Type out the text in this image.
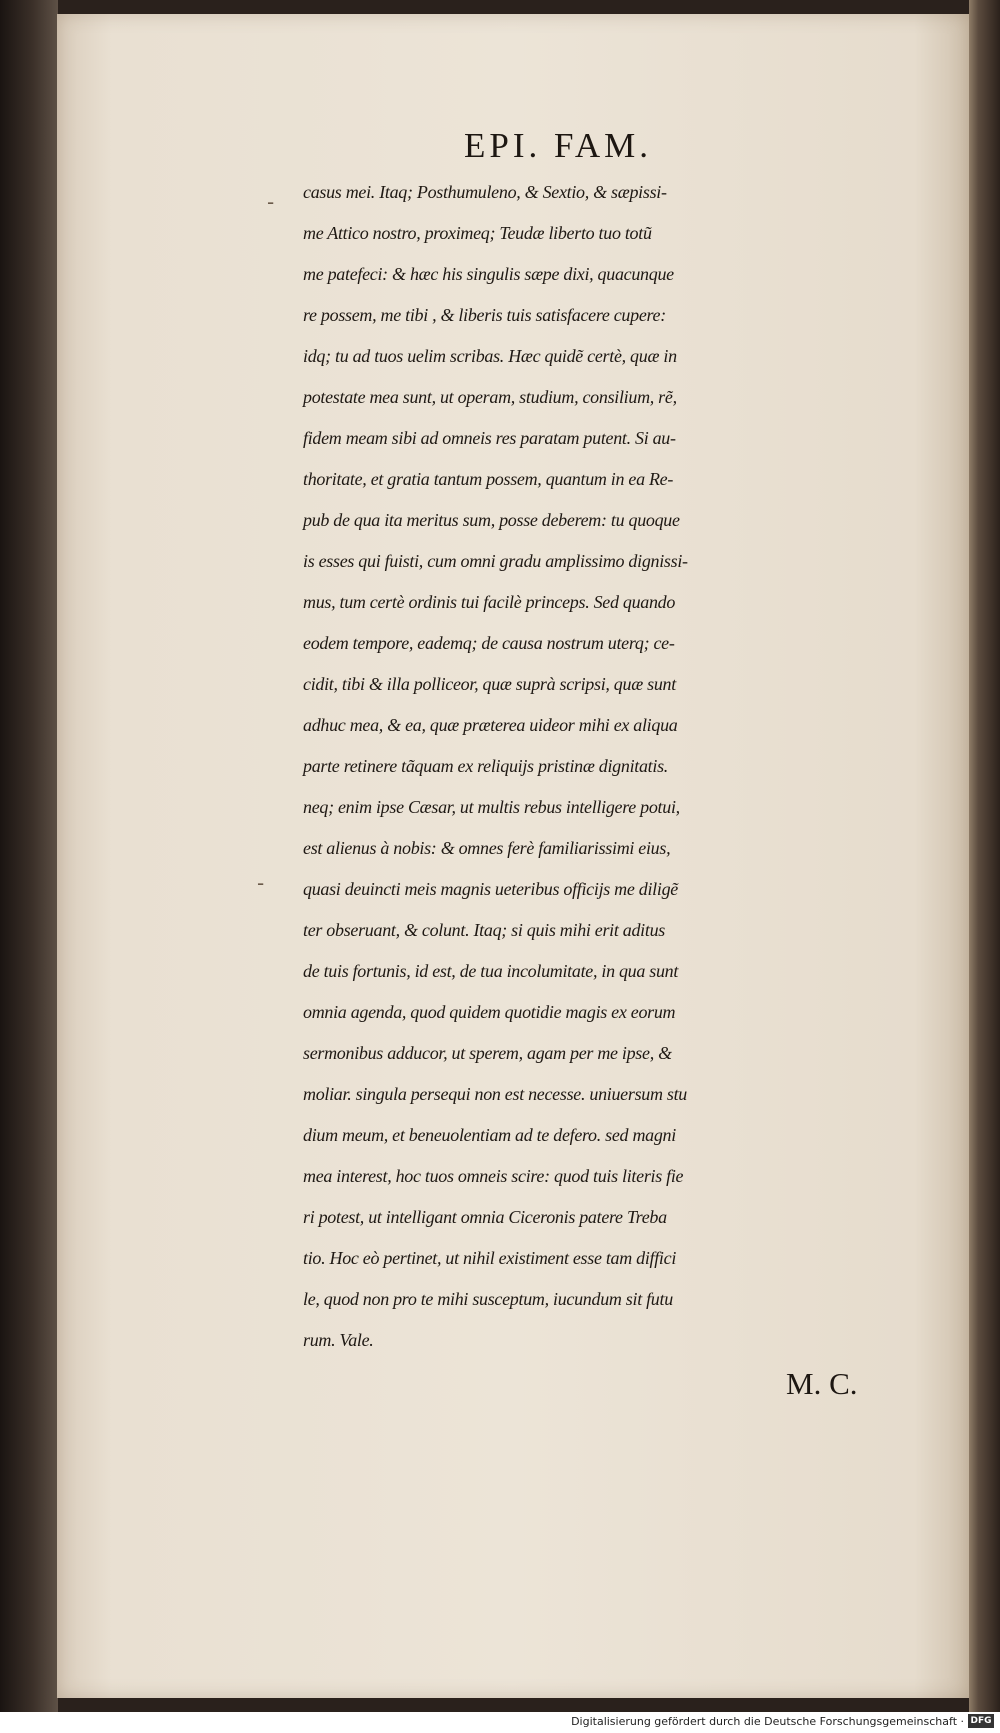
EPI. FAM.
casus mei. Itaq; Posthumuleno, & Sextio, & sæpissi-
me Attico nostro, proximeq; Teudæ liberto tuo totũ
me patefeci: & hæc his singulis sæpe dixi, quacunque
re possem, me tibi , & liberis tuis satisfacere cupere:
idq; tu ad tuos uelim scribas. Hæc quidẽ certè, quæ in
potestate mea sunt, ut operam, studium, consilium, rẽ,
fidem meam sibi ad omneis res paratam putent. Si au-
thoritate, et gratia tantum possem, quantum in ea Re-
pub de qua ita meritus sum, posse deberem: tu quoque
is esses qui fuisti, cum omni gradu amplissimo dignissi-
mus, tum certè ordinis tui facilè princeps. Sed quando
eodem tempore, eademq; de causa nostrum uterq; ce-
cidit, tibi & illa polliceor, quæ suprà scripsi, quæ sunt
adhuc mea, & ea, quæ præterea uideor mihi ex aliqua
parte retinere tãquam ex reliquijs pristinæ dignitatis.
neq; enim ipse Cæsar, ut multis rebus intelligere potui,
est alienus à nobis: & omnes ferè familiarissimi eius,
quasi deuincti meis magnis ueteribus officijs me diligẽ
ter obseruant, & colunt. Itaq; si quis mihi erit aditus
de tuis fortunis, id est, de tua incolumitate, in qua sunt
omnia agenda, quod quidem quotidie magis ex eorum
sermonibus adducor, ut sperem, agam per me ipse, &
moliar. singula persequi non est necesse. uniuersum stu
dium meum, et beneuolentiam ad te defero. sed magni
mea interest, hoc tuos omneis scire: quod tuis literis fie
ri potest, ut intelligant omnia Ciceronis patere Treba
tio. Hoc eò pertinet, ut nihil existiment esse tam diffici
le, quod non pro te mihi susceptum, iucundum sit futu
rum. Vale.
M. C.
-
-
Digitalisierung gefördert durch die Deutsche Forschungsgemeinschaft · DFG
